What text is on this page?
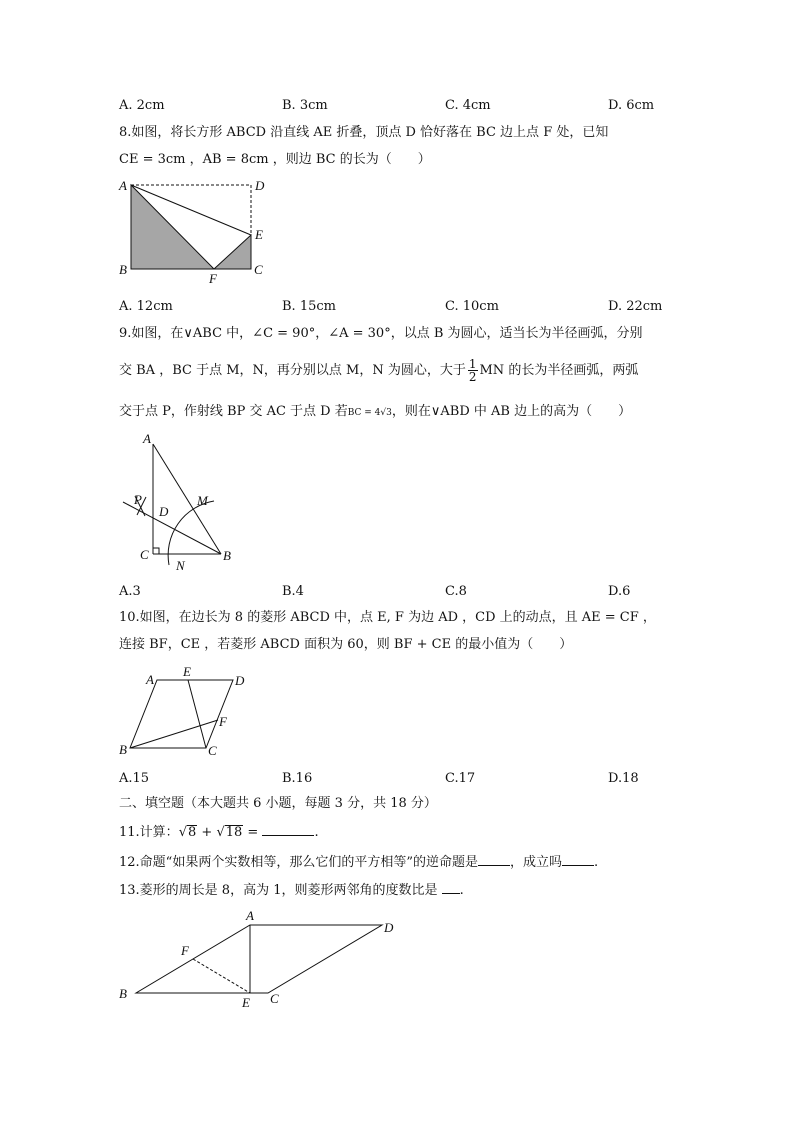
A. 2cm	B. 3cm	C. 4cm	D. 6cm
8.如图，将长方形 ABCD 沿直线 AE 折叠，顶点 D 恰好落在 BC 边上点 F 处，已知
CE = 3cm ，AB = 8cm ，则边 BC 的长为（　　）
A	D
E
B
F
C
A. 12cm	B. 15cm	C. 10cm	D. 22cm
9.如图，在∨ABC 中，∠C = 90°，∠A = 30°，以点 B 为圆心，适当长为半径画弧，分别
交 BA ，BC 于点 M，N，再分别以点 M，N 为圆心，大于 $\frac{1}{2}$ MN 的长为半径画弧，两弧
交于点 P，作射线 BP 交 AC 于点 D 若BC = 4√3，则在∨ABD 中 AB 边上的高为（　　）
A
P
D
M
C
N
B
A.3	B.4	C.8	D.6
10.如图，在边长为 8 的菱形 ABCD 中，点 E, F 为边 AD ，CD 上的动点，且 AE = CF ，
连接 BF，CE ，若菱形 ABCD 面积为 60，则 BF + CE 的最小值为（　　）
A
E
D
F
B	C
A.15	B.16	C.17	D.18
二、填空题（本大题共 6 小题，每题 3 分，共 18 分）
11.计算：√8 + √18 =	.
12.命题“如果两个实数相等，那么它们的平方相等”的逆命题是 ，成立吗 .
13.菱形的周长是 8，高为 1，则菱形两邻角的度数比是 .
A
D
F
B
E C
